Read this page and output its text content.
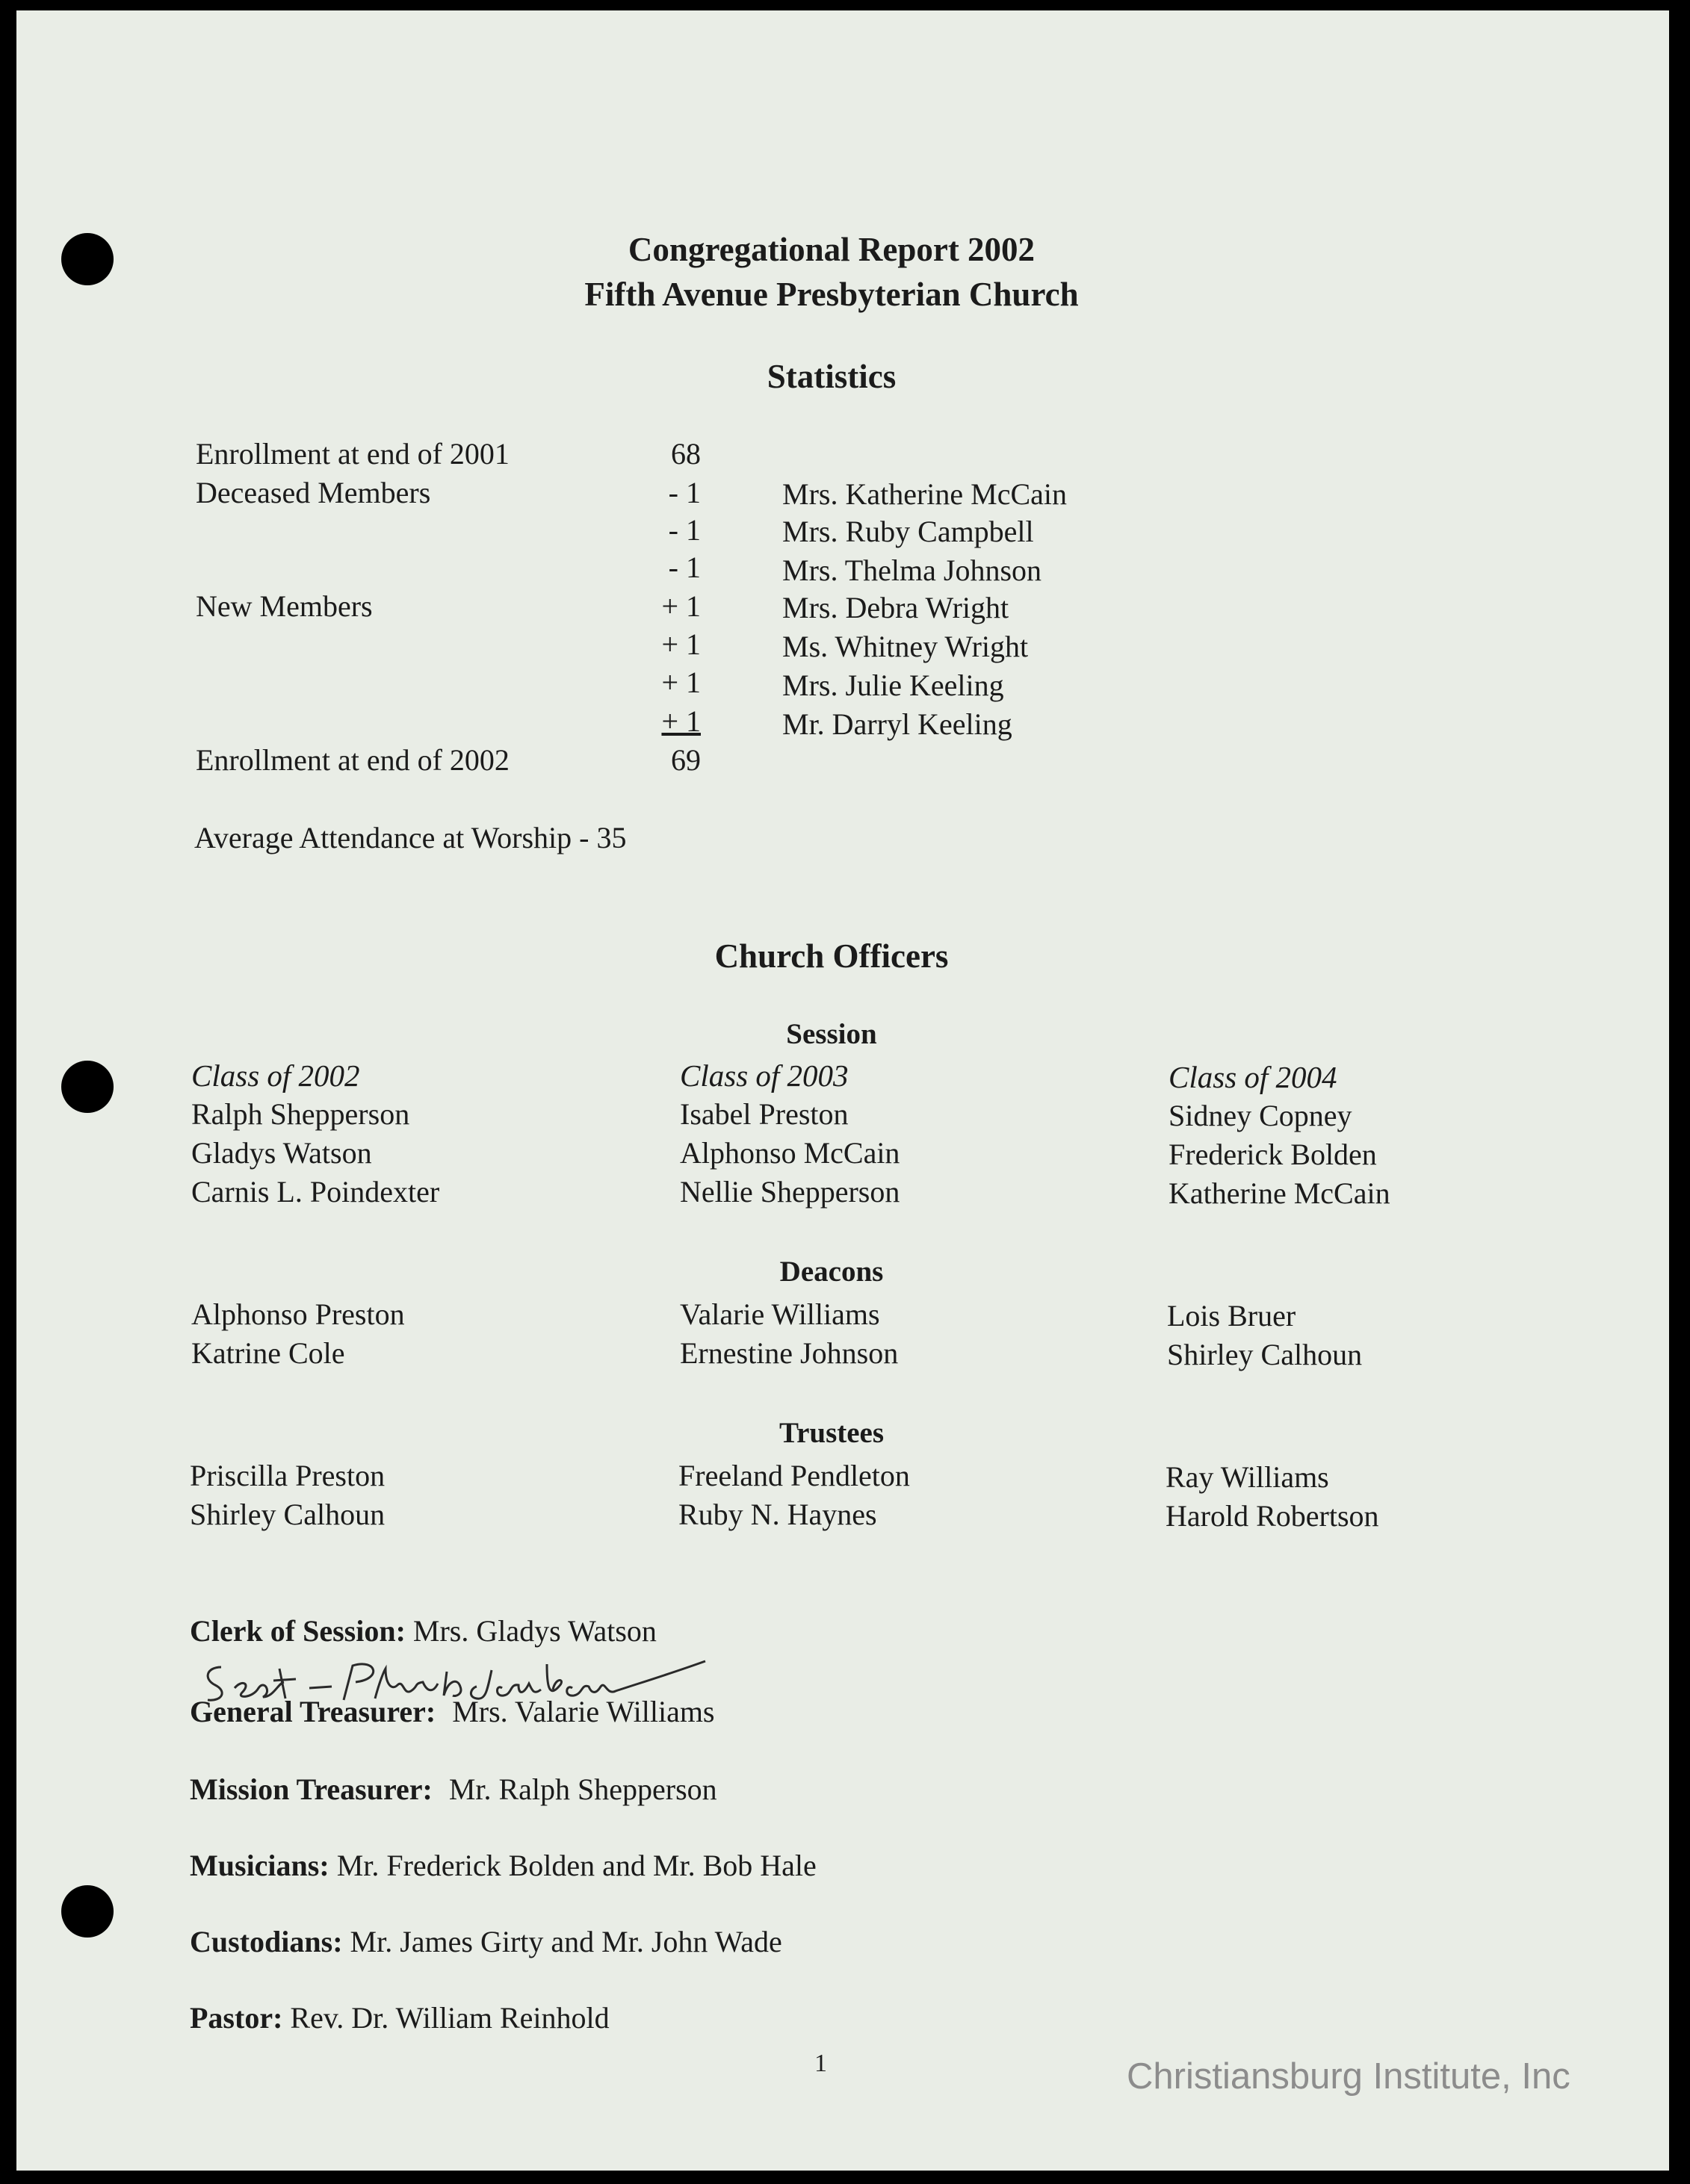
Congregational Report 2002
Fifth Avenue Presbyterian Church
Statistics
Enrollment at end of 2001
Deceased Members
New Members
Enrollment at end of 2002
68
- 1
- 1
- 1
+ 1
+ 1
+ 1
+ 1
69
Mrs. Katherine McCain
Mrs. Ruby Campbell
Mrs. Thelma Johnson
Mrs. Debra Wright
Ms. Whitney Wright
Mrs. Julie Keeling
Mr. Darryl Keeling
Average Attendance at Worship - 35
Church Officers
Session
Class of 2002
Ralph Shepperson
Gladys Watson
Carnis L. Poindexter
Class of 2003
Isabel Preston
Alphonso McCain
Nellie Shepperson
Class of 2004
Sidney Copney
Frederick Bolden
Katherine McCain
Deacons
Alphonso Preston
Katrine Cole
Valarie Williams
Ernestine Johnson
Lois Bruer
Shirley Calhoun
Trustees
Priscilla Preston
Shirley Calhoun
Freeland Pendleton
Ruby N. Haynes
Ray Williams
Harold Robertson
Clerk of Session: Mrs. Gladys Watson
General Treasurer: Mrs. Valarie Williams
Mission Treasurer: Mr. Ralph Shepperson
Musicians: Mr. Frederick Bolden and Mr. Bob Hale
Custodians: Mr. James Girty and Mr. John Wade
Pastor: Rev. Dr. William Reinhold
1	Christiansburg Institute, Inc
